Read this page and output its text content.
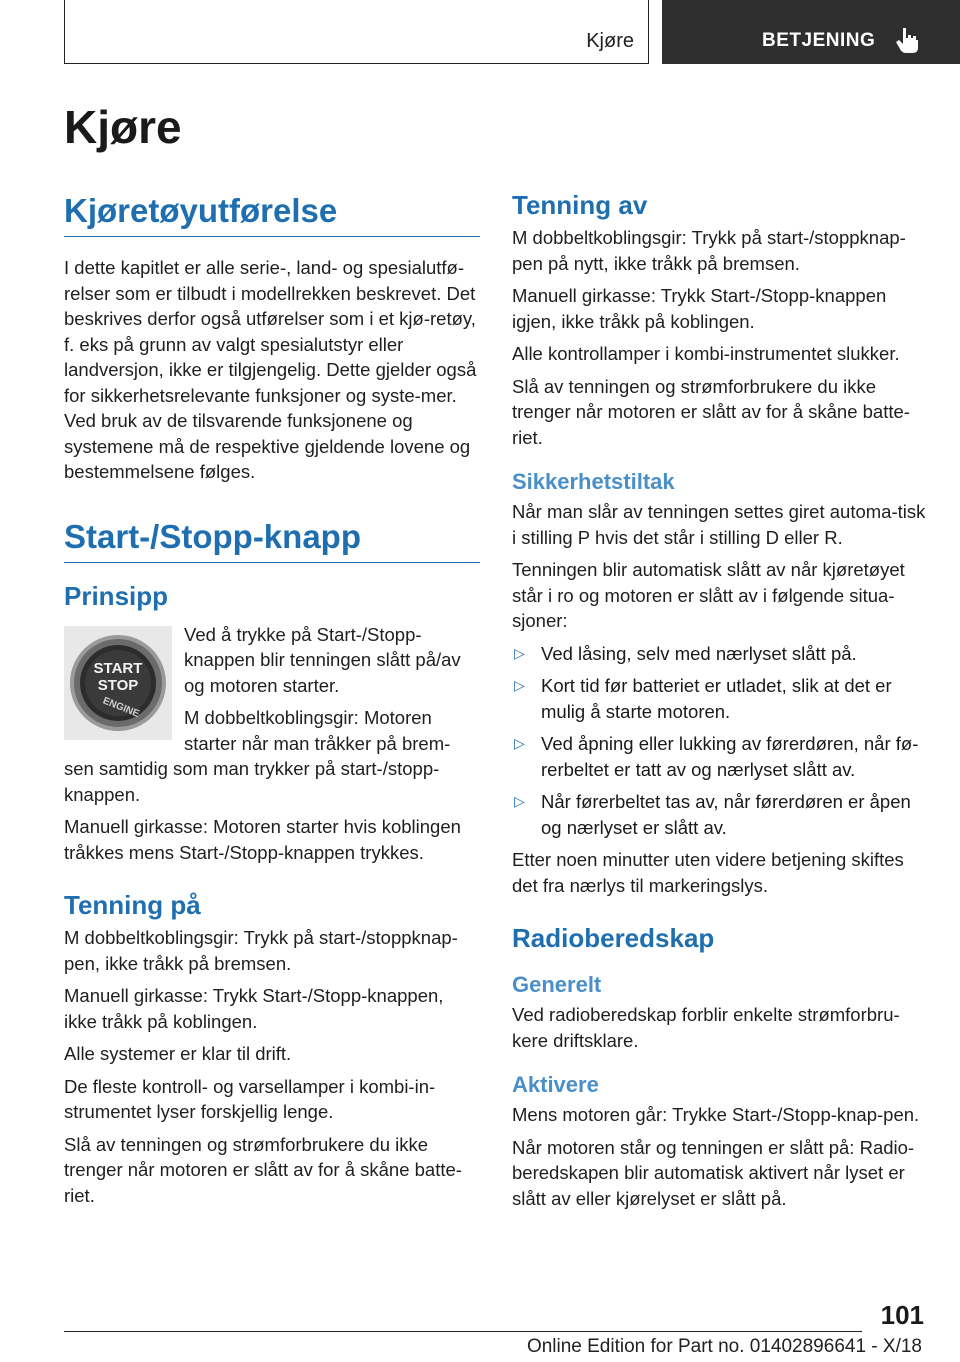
Kjøre	BETJENING
Kjøre
Kjøretøyutførelse

I dette kapitlet er alle serie-, land- og spesialutfø-relser som er tilbudt i modellrekken beskrevet. Det beskrives derfor også utførelser som i et kjø-retøy, f. eks på grunn av valgt spesialutstyr eller landversjon, ikke er tilgjengelig. Dette gjelder også for sikkerhetsrelevante funksjoner og syste-mer. Ved bruk av de tilsvarende funksjonene og systemene må de respektive gjeldende lovene og bestemmelsene følges.

Start-/Stopp-knapp
Prinsipp
START
STOP
ENGINE

Ved å trykke på Start-/Stopp-knappen blir tenningen slått på/av og motoren starter.

M dobbeltkoblingsgir: Motoren starter når man tråkker på brem-sen samtidig som man trykker på start-/stopp-knappen.

Manuell girkasse: Motoren starter hvis koblingen tråkkes mens Start-/Stopp-knappen trykkes.

Tenning på

M dobbeltkoblingsgir: Trykk på start-/stoppknap-pen, ikke tråkk på bremsen.

Manuell girkasse: Trykk Start-/Stopp-knappen, ikke tråkk på koblingen.

Alle systemer er klar til drift.

De fleste kontroll- og varsellamper i kombi-in-strumentet lyser forskjellig lenge.

Slå av tenningen og strømforbrukere du ikke trenger når motoren er slått av for å skåne batte-riet.

Tenning av

M dobbeltkoblingsgir: Trykk på start-/stoppknap-pen på nytt, ikke tråkk på bremsen.

Manuell girkasse: Trykk Start-/Stopp-knappen igjen, ikke tråkk på koblingen.

Alle kontrollamper i kombi-instrumentet slukker.

Slå av tenningen og strømforbrukere du ikke trenger når motoren er slått av for å skåne batte-riet.

Sikkerhetstiltak

Når man slår av tenningen settes giret automa-tisk i stilling P hvis det står i stilling D eller R.

Tenningen blir automatisk slått av når kjøretøyet står i ro og motoren er slått av i følgende situa-sjoner:

▷ Ved låsing, selv med nærlyset slått på.
▷ Kort tid før batteriet er utladet, slik at det er mulig å starte motoren.
▷ Ved åpning eller lukking av førerdøren, når fø-rerbeltet er tatt av og nærlyset slått av.
▷ Når førerbeltet tas av, når førerdøren er åpen og nærlyset er slått av.

Etter noen minutter uten videre betjening skiftes det fra nærlys til markeringslys.

Radioberedskap
Generelt

Ved radioberedskap forblir enkelte strømforbru-kere driftsklare.

Aktivere

Mens motoren går: Trykke Start-/Stopp-knap-pen.

Når motoren står og tenningen er slått på: Radio-beredskapen blir automatisk aktivert når lyset er slått av eller kjørelyset er slått på.

101
Online Edition for Part no. 01402896641 - X/18
